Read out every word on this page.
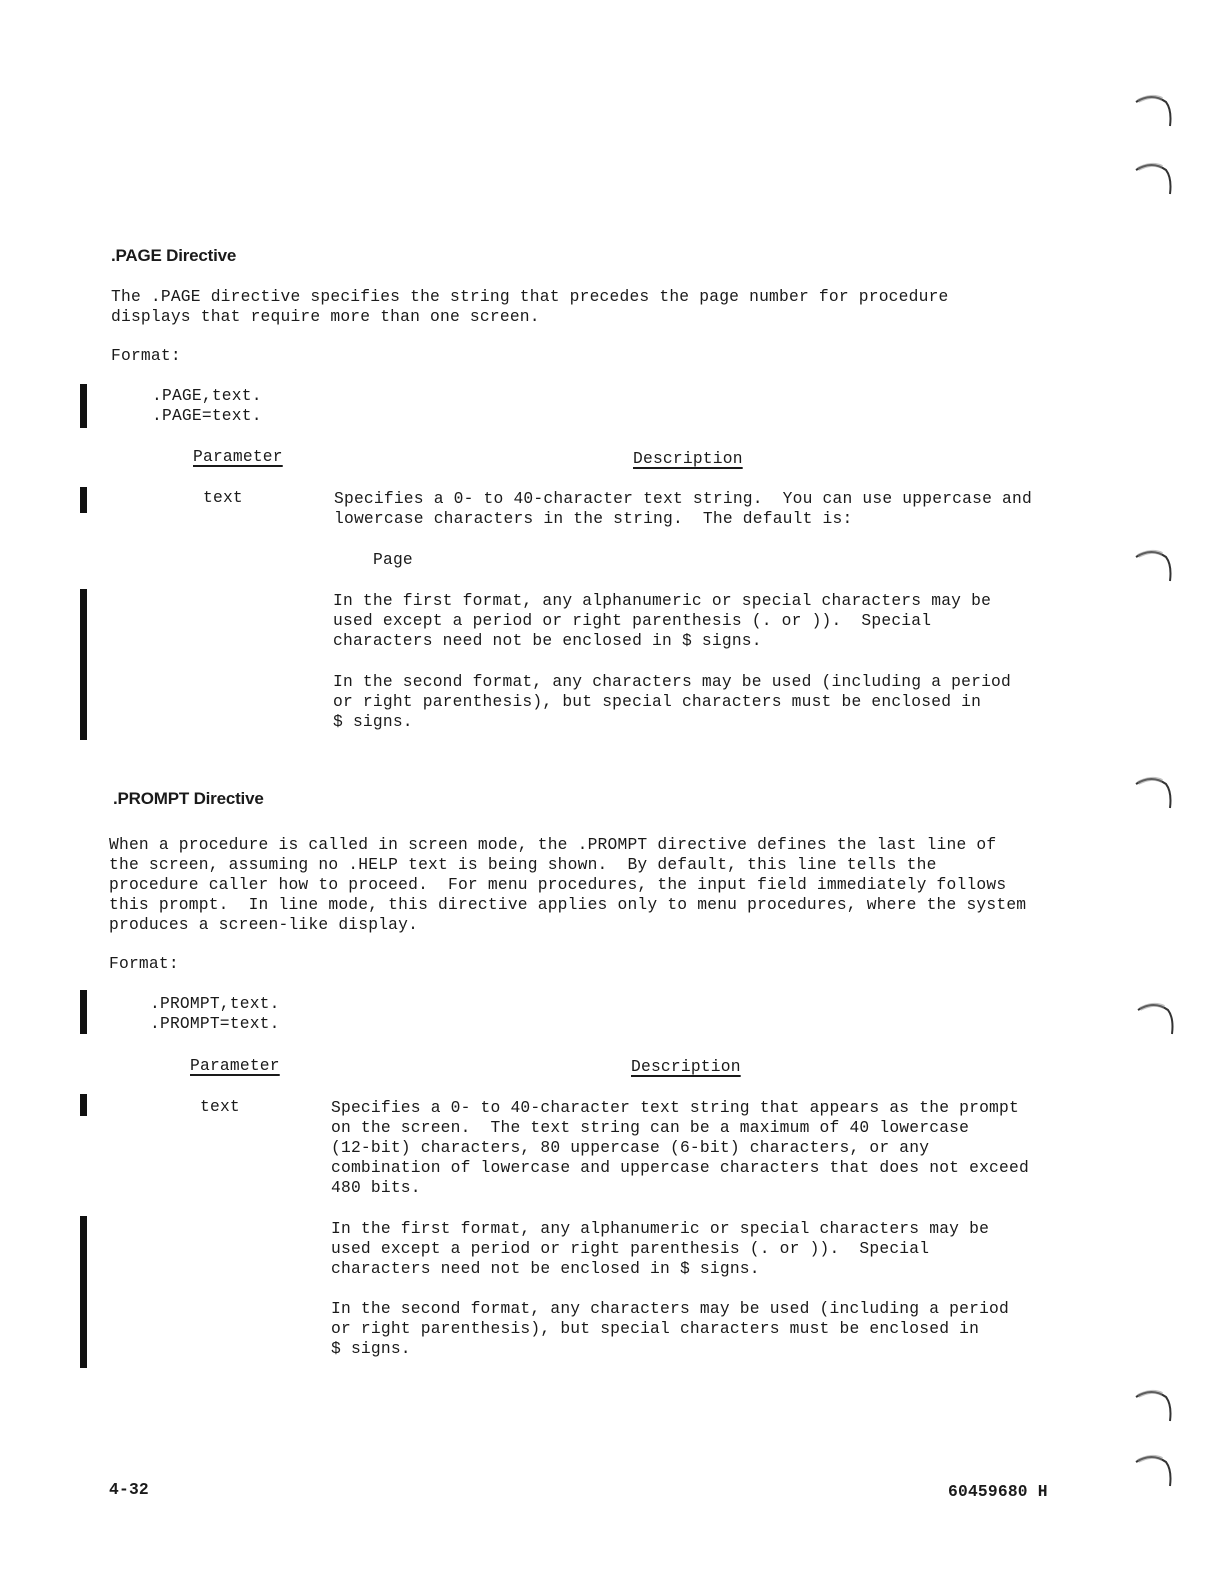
.PAGE Directive
The .PAGE directive specifies the string that precedes the page number for procedure
displays that require more than one screen.
Format:
.PAGE,text.
.PAGE=text.
Parameter	Description
text	Specifies a 0- to 40-character text string.  You can use uppercase and
lowercase characters in the string.  The default is:
Page
In the first format, any alphanumeric or special characters may be
used except a period or right parenthesis (. or )).  Special
characters need not be enclosed in $ signs.
In the second format, any characters may be used (including a period
or right parenthesis), but special characters must be enclosed in
$ signs.
.PROMPT Directive
When a procedure is called in screen mode, the .PROMPT directive defines the last line of
the screen, assuming no .HELP text is being shown.  By default, this line tells the
procedure caller how to proceed.  For menu procedures, the input field immediately follows
this prompt.  In line mode, this directive applies only to menu procedures, where the system
produces a screen-like display.
Format:
.PROMPT,text.
.PROMPT=text.
Parameter	Description
text	Specifies a 0- to 40-character text string that appears as the prompt
on the screen.  The text string can be a maximum of 40 lowercase
(12-bit) characters, 80 uppercase (6-bit) characters, or any
combination of lowercase and uppercase characters that does not exceed
480 bits.
In the first format, any alphanumeric or special characters may be
used except a period or right parenthesis (. or )).  Special
characters need not be enclosed in $ signs.
In the second format, any characters may be used (including a period
or right parenthesis), but special characters must be enclosed in
$ signs.
4-32	60459680 H
